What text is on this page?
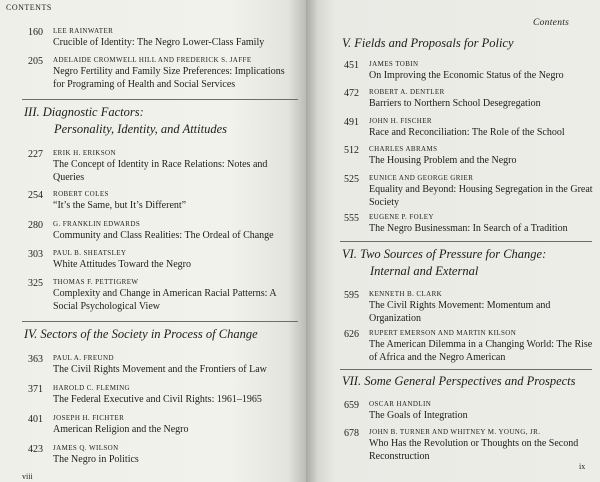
CONTENTS
160 LEE RAINWATER
Crucible of Identity: The Negro Lower-Class Family
205 ADELAIDE CROMWELL HILL AND FREDERICK S. JAFFE
Negro Fertility and Family Size Preferences: Implications for Programing of Health and Social Services
III. Diagnostic Factors:
Personality, Identity, and Attitudes
227 ERIK H. ERIKSON
The Concept of Identity in Race Relations: Notes and Queries
254 ROBERT COLES
“It’s the Same, but It’s Different”
280 G. FRANKLIN EDWARDS
Community and Class Realities: The Ordeal of Change
303 PAUL B. SHEATSLEY
White Attitudes Toward the Negro
325 THOMAS F. PETTIGREW
Complexity and Change in American Racial Patterns: A Social Psychological View
IV. Sectors of the Society in Process of Change
363 PAUL A. FREUND
The Civil Rights Movement and the Frontiers of Law
371 HAROLD C. FLEMING
The Federal Executive and Civil Rights: 1961–1965
401 JOSEPH H. FICHTER
American Religion and the Negro
423 JAMES Q. WILSON
The Negro in Politics
viii
Contents
V. Fields and Proposals for Policy
451 JAMES TOBIN
On Improving the Economic Status of the Negro
472 ROBERT A. DENTLER
Barriers to Northern School Desegregation
491 JOHN H. FISCHER
Race and Reconciliation: The Role of the School
512 CHARLES ABRAMS
The Housing Problem and the Negro
525 EUNICE AND GEORGE GRIER
Equality and Beyond: Housing Segregation in the Great Society
555 EUGENE P. FOLEY
The Negro Businessman: In Search of a Tradition
VI. Two Sources of Pressure for Change:
Internal and External
595 KENNETH B. CLARK
The Civil Rights Movement: Momentum and Organization
626 RUPERT EMERSON AND MARTIN KILSON
The American Dilemma in a Changing World: The Rise of Africa and the Negro American
VII. Some General Perspectives and Prospects
659 OSCAR HANDLIN
The Goals of Integration
678 JOHN B. TURNER AND WHITNEY M. YOUNG, JR.
Who Has the Revolution or Thoughts on the Second Reconstruction
ix
